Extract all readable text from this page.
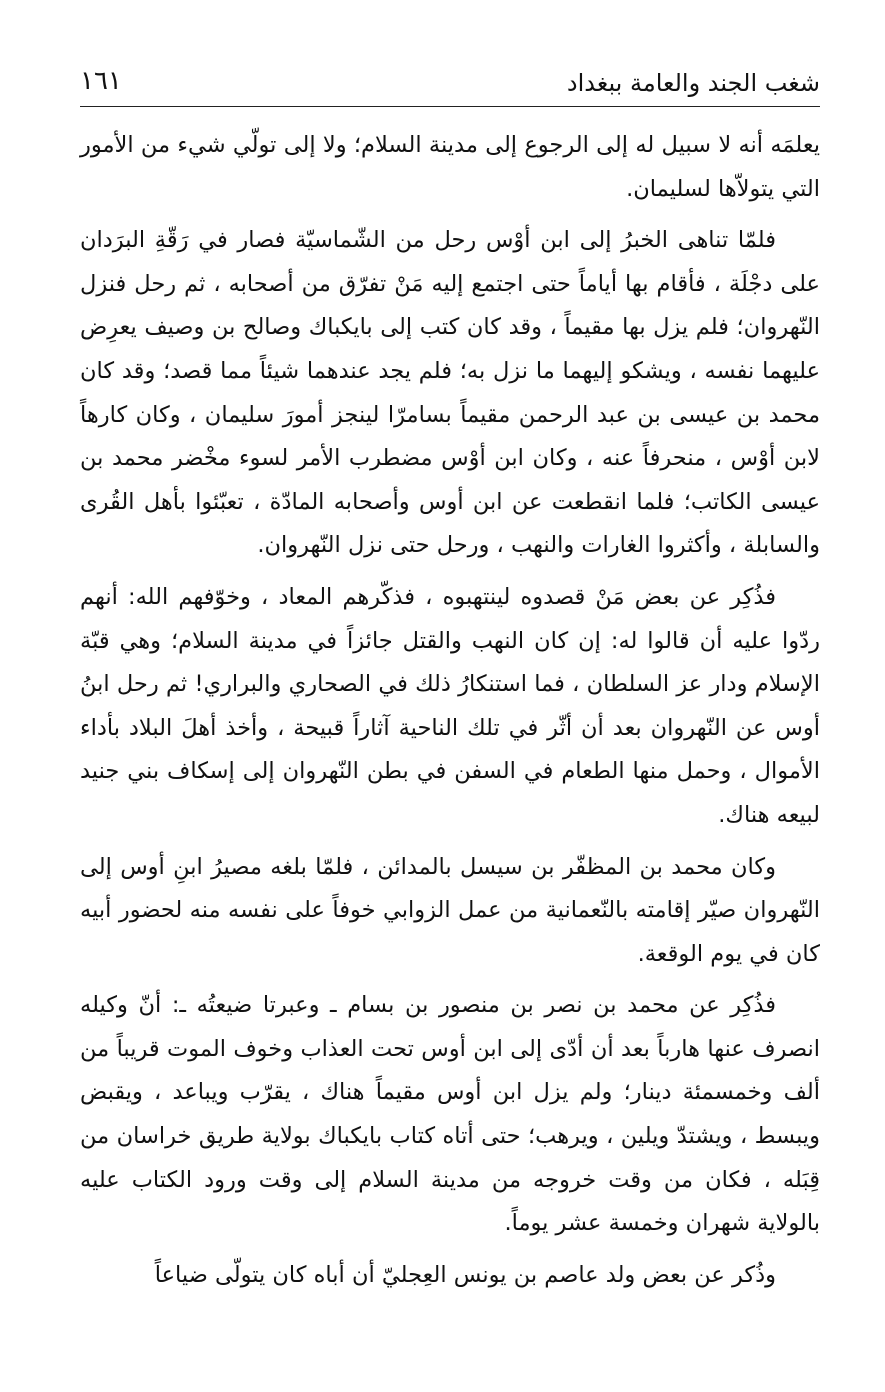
شغب الجند والعامة ببغداد
١٦١

يعلمَه أنه لا سبيل له إلى الرجوع إلى مدينة السلام؛ ولا إلى تولّي شيء من الأمور التي يتولاّها لسليمان.

فلمّا تناهى الخبرُ إلى ابن أوْس رحل من الشّماسيّة فصار في رَقّةِ البرَدان على دجْلَة ، فأقام بها أياماً حتى اجتمع إليه مَنْ تفرّق من أصحابه ، ثم رحل فنزل النّهروان؛ فلم يزل بها مقيماً ، وقد كان كتب إلى بايكباك وصالح بن وصيف يعرِض عليهما نفسه ، ويشكو إليهما ما نزل به؛ فلم يجد عندهما شيئاً مما قصد؛ وقد كان محمد بن عيسى بن عبد الرحمن مقيماً بسامرّا لينجز أمورَ سليمان ، وكان كارهاً لابن أوْس ، منحرفاً عنه ، وكان ابن أوْس مضطرب الأمر لسوء مخْضر محمد بن عيسى الكاتب؛ فلما انقطعت عن ابن أوس وأصحابه المادّة ، تعبّئوا بأهل القُرى والسابلة ، وأكثروا الغارات والنهب ، ورحل حتى نزل النّهروان.

فذُكِر عن بعض مَنْ قصدوه لينتهبوه ، فذكّرهم المعاد ، وخوّفهم الله: أنهم ردّوا عليه أن قالوا له: إن كان النهب والقتل جائزاً في مدينة السلام؛ وهي قبّة الإسلام ودار عز السلطان ، فما استنكارُ ذلك في الصحاري والبراري! ثم رحل ابنُ أوس عن النّهروان بعد أن أثّر في تلك الناحية آثاراً قبيحة ، وأخذ أهلَ البلاد بأداء الأموال ، وحمل منها الطعام في السفن في بطن النّهروان إلى إسكاف بني جنيد لبيعه هناك.

وكان محمد بن المظفّر بن سيسل بالمدائن ، فلمّا بلغه مصيرُ ابنِ أوس إلى النّهروان صيّر إقامته بالنّعمانية من عمل الزوابي خوفاً على نفسه منه لحضور أبيه كان في يوم الوقعة.

فذُكِر عن محمد بن نصر بن منصور بن بسام ـ وعبرتا ضيعتُه ـ: أنّ وكيله انصرف عنها هارباً بعد أن أدّى إلى ابن أوس تحت العذاب وخوف الموت قريباً من ألف وخمسمئة دينار؛ ولم يزل ابن أوس مقيماً هناك ، يقرّب ويباعد ، ويقبض ويبسط ، ويشتدّ ويلين ، ويرهب؛ حتى أتاه كتاب بايكباك بولاية طريق خراسان من قِبَله ، فكان من وقت خروجه من مدينة السلام إلى وقت ورود الكتاب عليه بالولاية شهران وخمسة عشر يوماً.

وذُكر عن بعض ولد عاصم بن يونس العِجليّ أن أباه كان يتولّى ضياعاً
